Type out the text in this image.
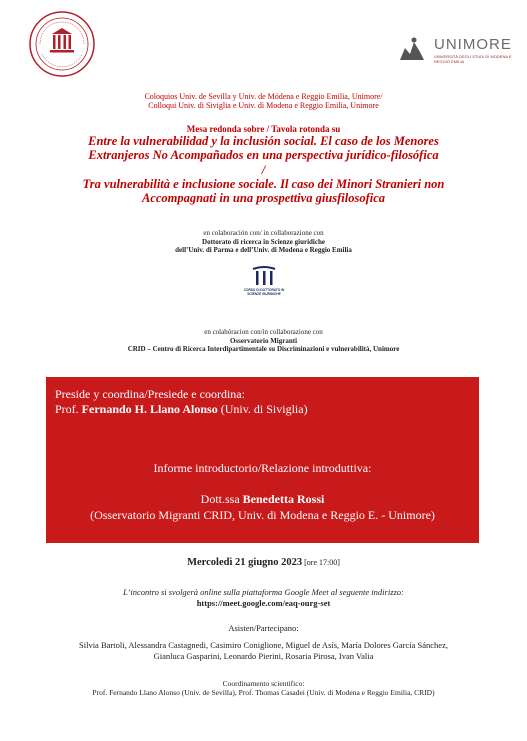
UNIMORE
UNIVERSITÀ DEGLI STUDI DI MODENA E REGGIO EMILIA
Coloquios Univ. de Sevilla y Univ. de Módena e Reggio Emilia, Unimore/
Colloqui Univ. di Siviglia e Univ. di Modena e Reggio Emilia, Unimore
Mesa redonda sobre / Tavola rotonda su
Entre la vulnerabilidad y la inclusión social. El caso de los Menores
Extranjeros No Acompañados en una perspectiva jurídico-filosófica
/
Tra vulnerabilità e inclusione sociale. Il caso dei Minori Stranieri non
Accompagnati in una prospettiva giusfilosofica
en colaboración con/ in collaborazione con
Dottorato di ricerca in Scienze giuridiche
dell’Univ. di Parma e dell’Univ. di Modena e Reggio Emilia
CORSO DI DOTTORATO IN SCIENZE GIURIDICHE
en colabóracion con/in collaborazione con
Osservatorio Migranti
CRID – Centro di Ricerca Interdipartimentale su Discriminazioni e vulnerabilità, Unimore
Preside y coordina/Presiede e coordina:
Prof. Fernando H. Llano Alonso (Univ. di Siviglia)
Informe introductorio/Relazione introduttiva:
Dott.ssa Benedetta Rossi
(Osservatorio Migranti CRID, Univ. di Modena e Reggio E. - Unimore)
Mercoledì 21 giugno 2023 [ore 17:00]
L’incontro si svolgerà online sulla piattaforma Google Meet al seguente indirizzo:
https://meet.google.com/eaq-ourg-set
Asisten/Partecipano:
Silvia Bartoli, Alessandra Castagnedi, Casimiro Coniglione, Miguel de Asís, María Dolores García Sánchez,
Gianluca Gasparini, Leonardo Pierini, Rosaria Pirosa, Ivan Valia
Coordinamento scientifico:
Prof. Fernando Llano Alonso (Univ. de Sevilla), Prof. Thomas Casadei (Univ. di Modena e Reggio Emilia, CRID)
